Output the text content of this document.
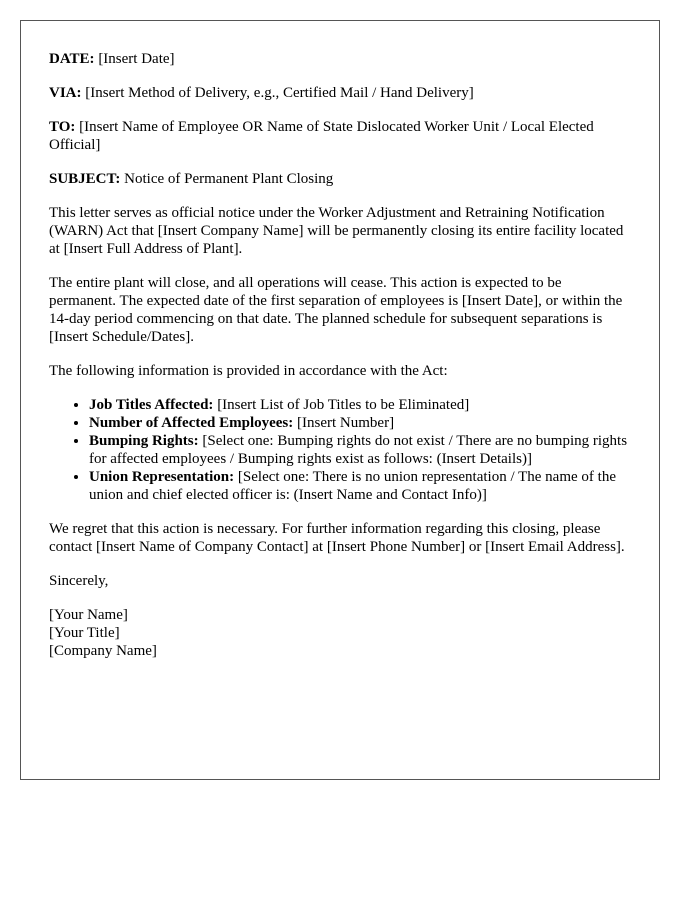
DATE: [Insert Date]

VIA: [Insert Method of Delivery, e.g., Certified Mail / Hand Delivery]

TO: [Insert Name of Employee OR Name of State Dislocated Worker Unit / Local Elected Official]

SUBJECT: Notice of Permanent Plant Closing

This letter serves as official notice under the Worker Adjustment and Retraining Notification (WARN) Act that [Insert Company Name] will be permanently closing its entire facility located at [Insert Full Address of Plant].

The entire plant will close, and all operations will cease. This action is expected to be permanent. The expected date of the first separation of employees is [Insert Date], or within the 14-day period commencing on that date. The planned schedule for subsequent separations is [Insert Schedule/Dates].

The following information is provided in accordance with the Act:

• Job Titles Affected: [Insert List of Job Titles to be Eliminated]
• Number of Affected Employees: [Insert Number]
• Bumping Rights: [Select one: Bumping rights do not exist / There are no bumping rights for affected employees / Bumping rights exist as follows: (Insert Details)]
• Union Representation: [Select one: There is no union representation / The name of the union and chief elected officer is: (Insert Name and Contact Info)]

We regret that this action is necessary. For further information regarding this closing, please contact [Insert Name of Company Contact] at [Insert Phone Number] or [Insert Email Address].

Sincerely,

[Your Name]

[Your Title]

[Company Name]
